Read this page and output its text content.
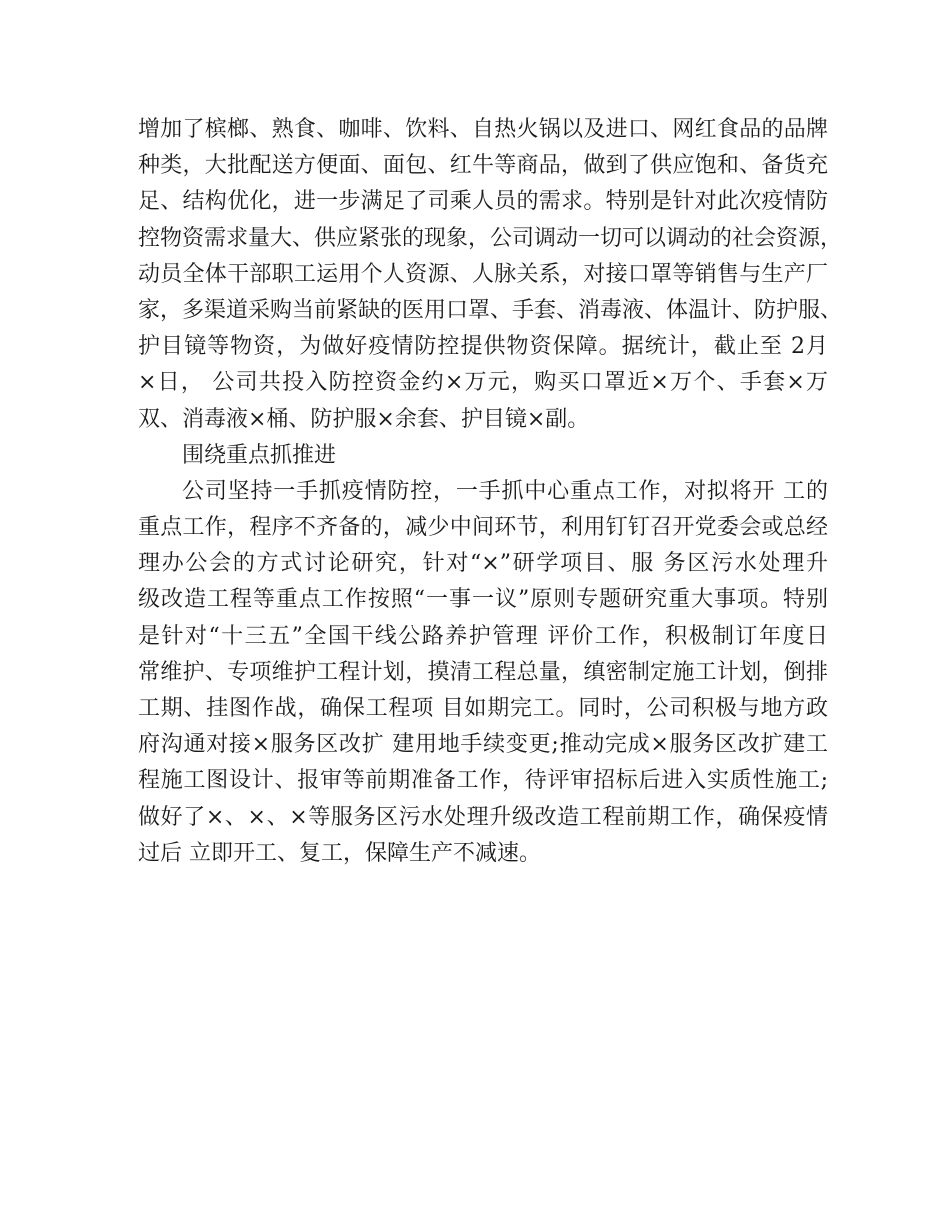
增加了槟榔、熟食、咖啡、饮料、自热火锅以及进口、网红食品的品牌
种类，大批配送方便面、面包、红牛等商品，做到了供应饱和、备货充
足、结构优化，进一步满足了司乘人员的需求。特别是针对此次疫情防
控物资需求量大、供应紧张的现象，公司调动一切可以调动的社会资源，
动员全体干部职工运用个人资源、人脉关系，对接口罩等销售与生产厂
家，多渠道采购当前紧缺的医用口罩、手套、消毒液、体温计、防护服、
护目镜等物资，为做好疫情防控提供物资保障。据统计，截止至 2月
×日， 公司共投入防控资金约×万元，购买口罩近×万个、手套×万
双、消毒液×桶、防护服×余套、护目镜×副。
围绕重点抓推进
公司坚持一手抓疫情防控，一手抓中心重点工作，对拟将开 工的
重点工作，程序不齐备的，减少中间环节，利用钉钉召开党委会或总经
理办公会的方式讨论研究，针对“×”研学项目、服 务区污水处理升
级改造工程等重点工作按照“一事一议”原则专题研究重大事项。特别
是针对“十三五”全国干线公路养护管理 评价工作，积极制订年度日
常维护、专项维护工程计划，摸清工程总量，缜密制定施工计划，倒排
工期、挂图作战，确保工程项 目如期完工。同时，公司积极与地方政
府沟通对接×服务区改扩 建用地手续变更;推动完成×服务区改扩建工
程施工图设计、报审等前期准备工作，待评审招标后进入实质性施工;
做好了×、×、×等服务区污水处理升级改造工程前期工作，确保疫情
过后 立即开工、复工，保障生产不减速。
